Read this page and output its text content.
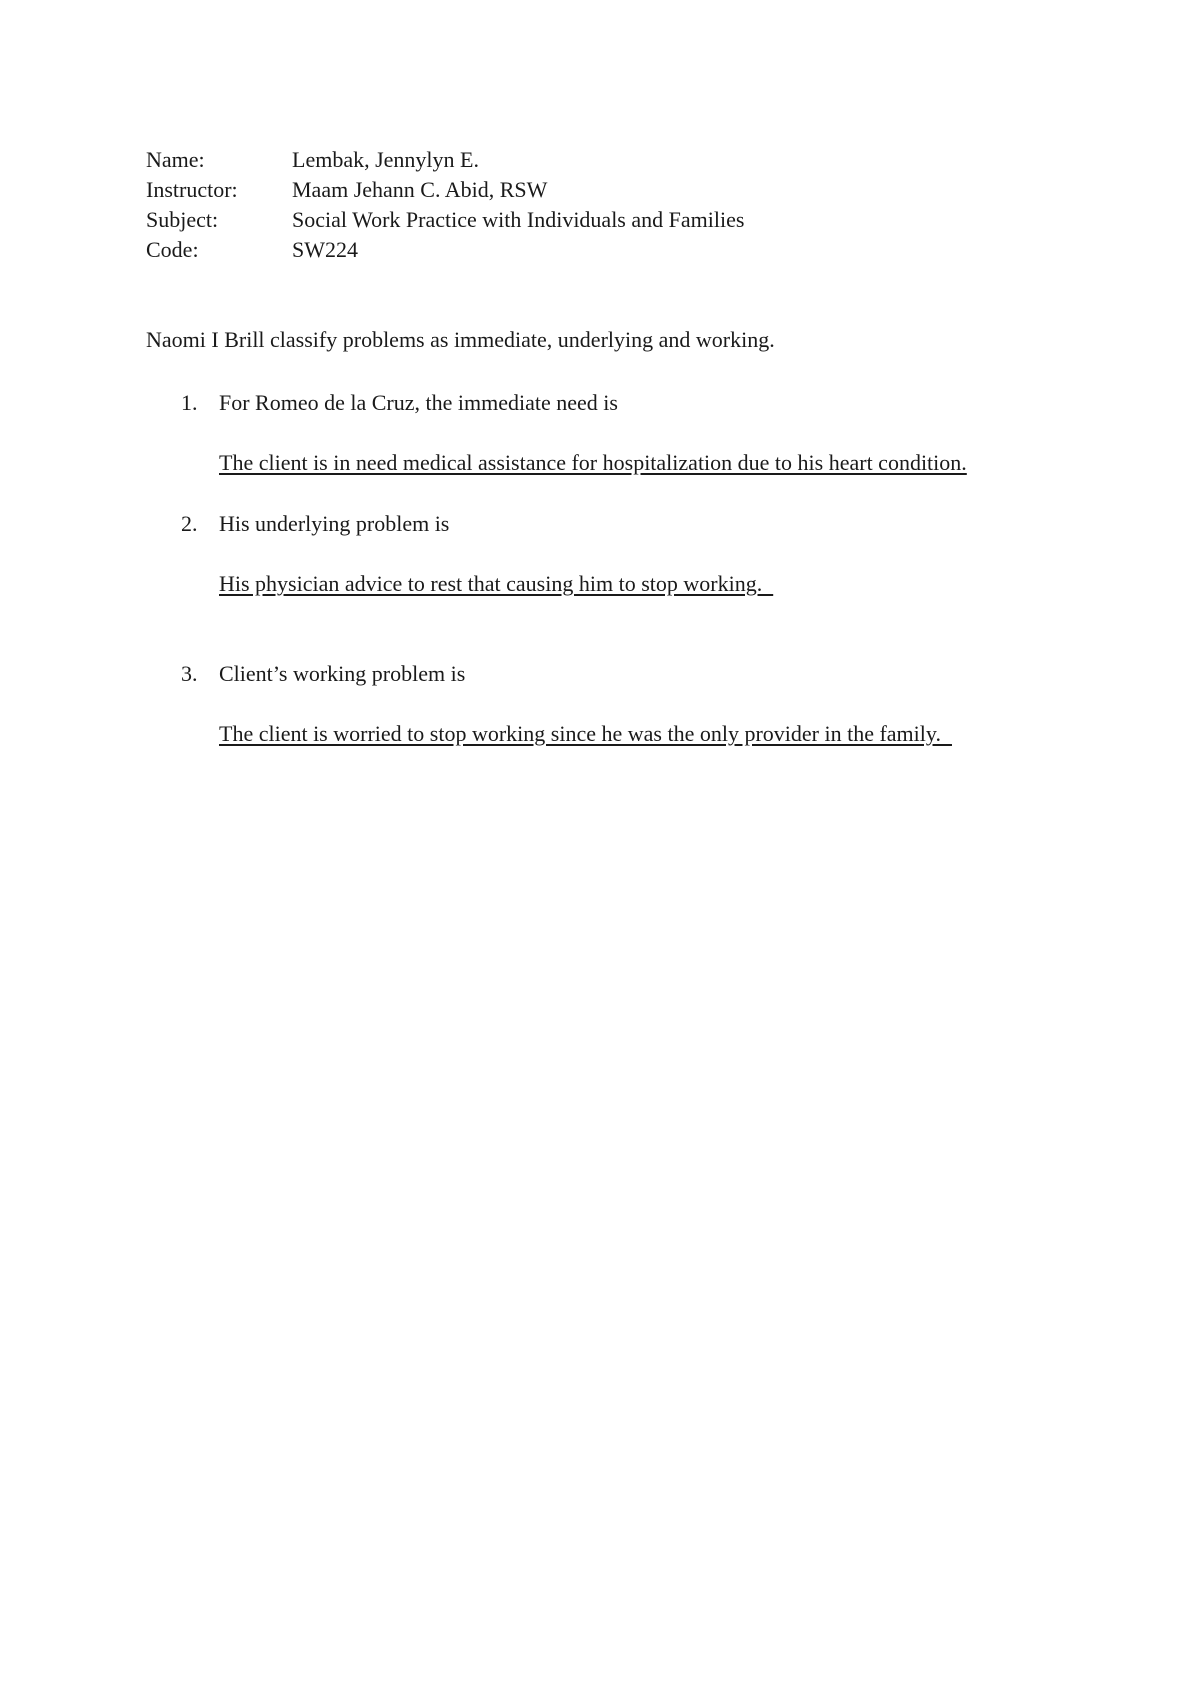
Name:	Lembak, Jennylyn E.
Instructor:	Maam Jehann C. Abid, RSW
Subject:	Social Work Practice with Individuals and Families
Code:	SW224
Naomi I Brill classify problems as immediate, underlying and working.
1. For Romeo de la Cruz, the immediate need is
The client is in need medical assistance for hospitalization due to his heart condition.
2. His underlying problem is
His physician advice to rest that causing him to stop working.
3. Client’s working problem is
The client is worried to stop working since he was the only provider in the family.
